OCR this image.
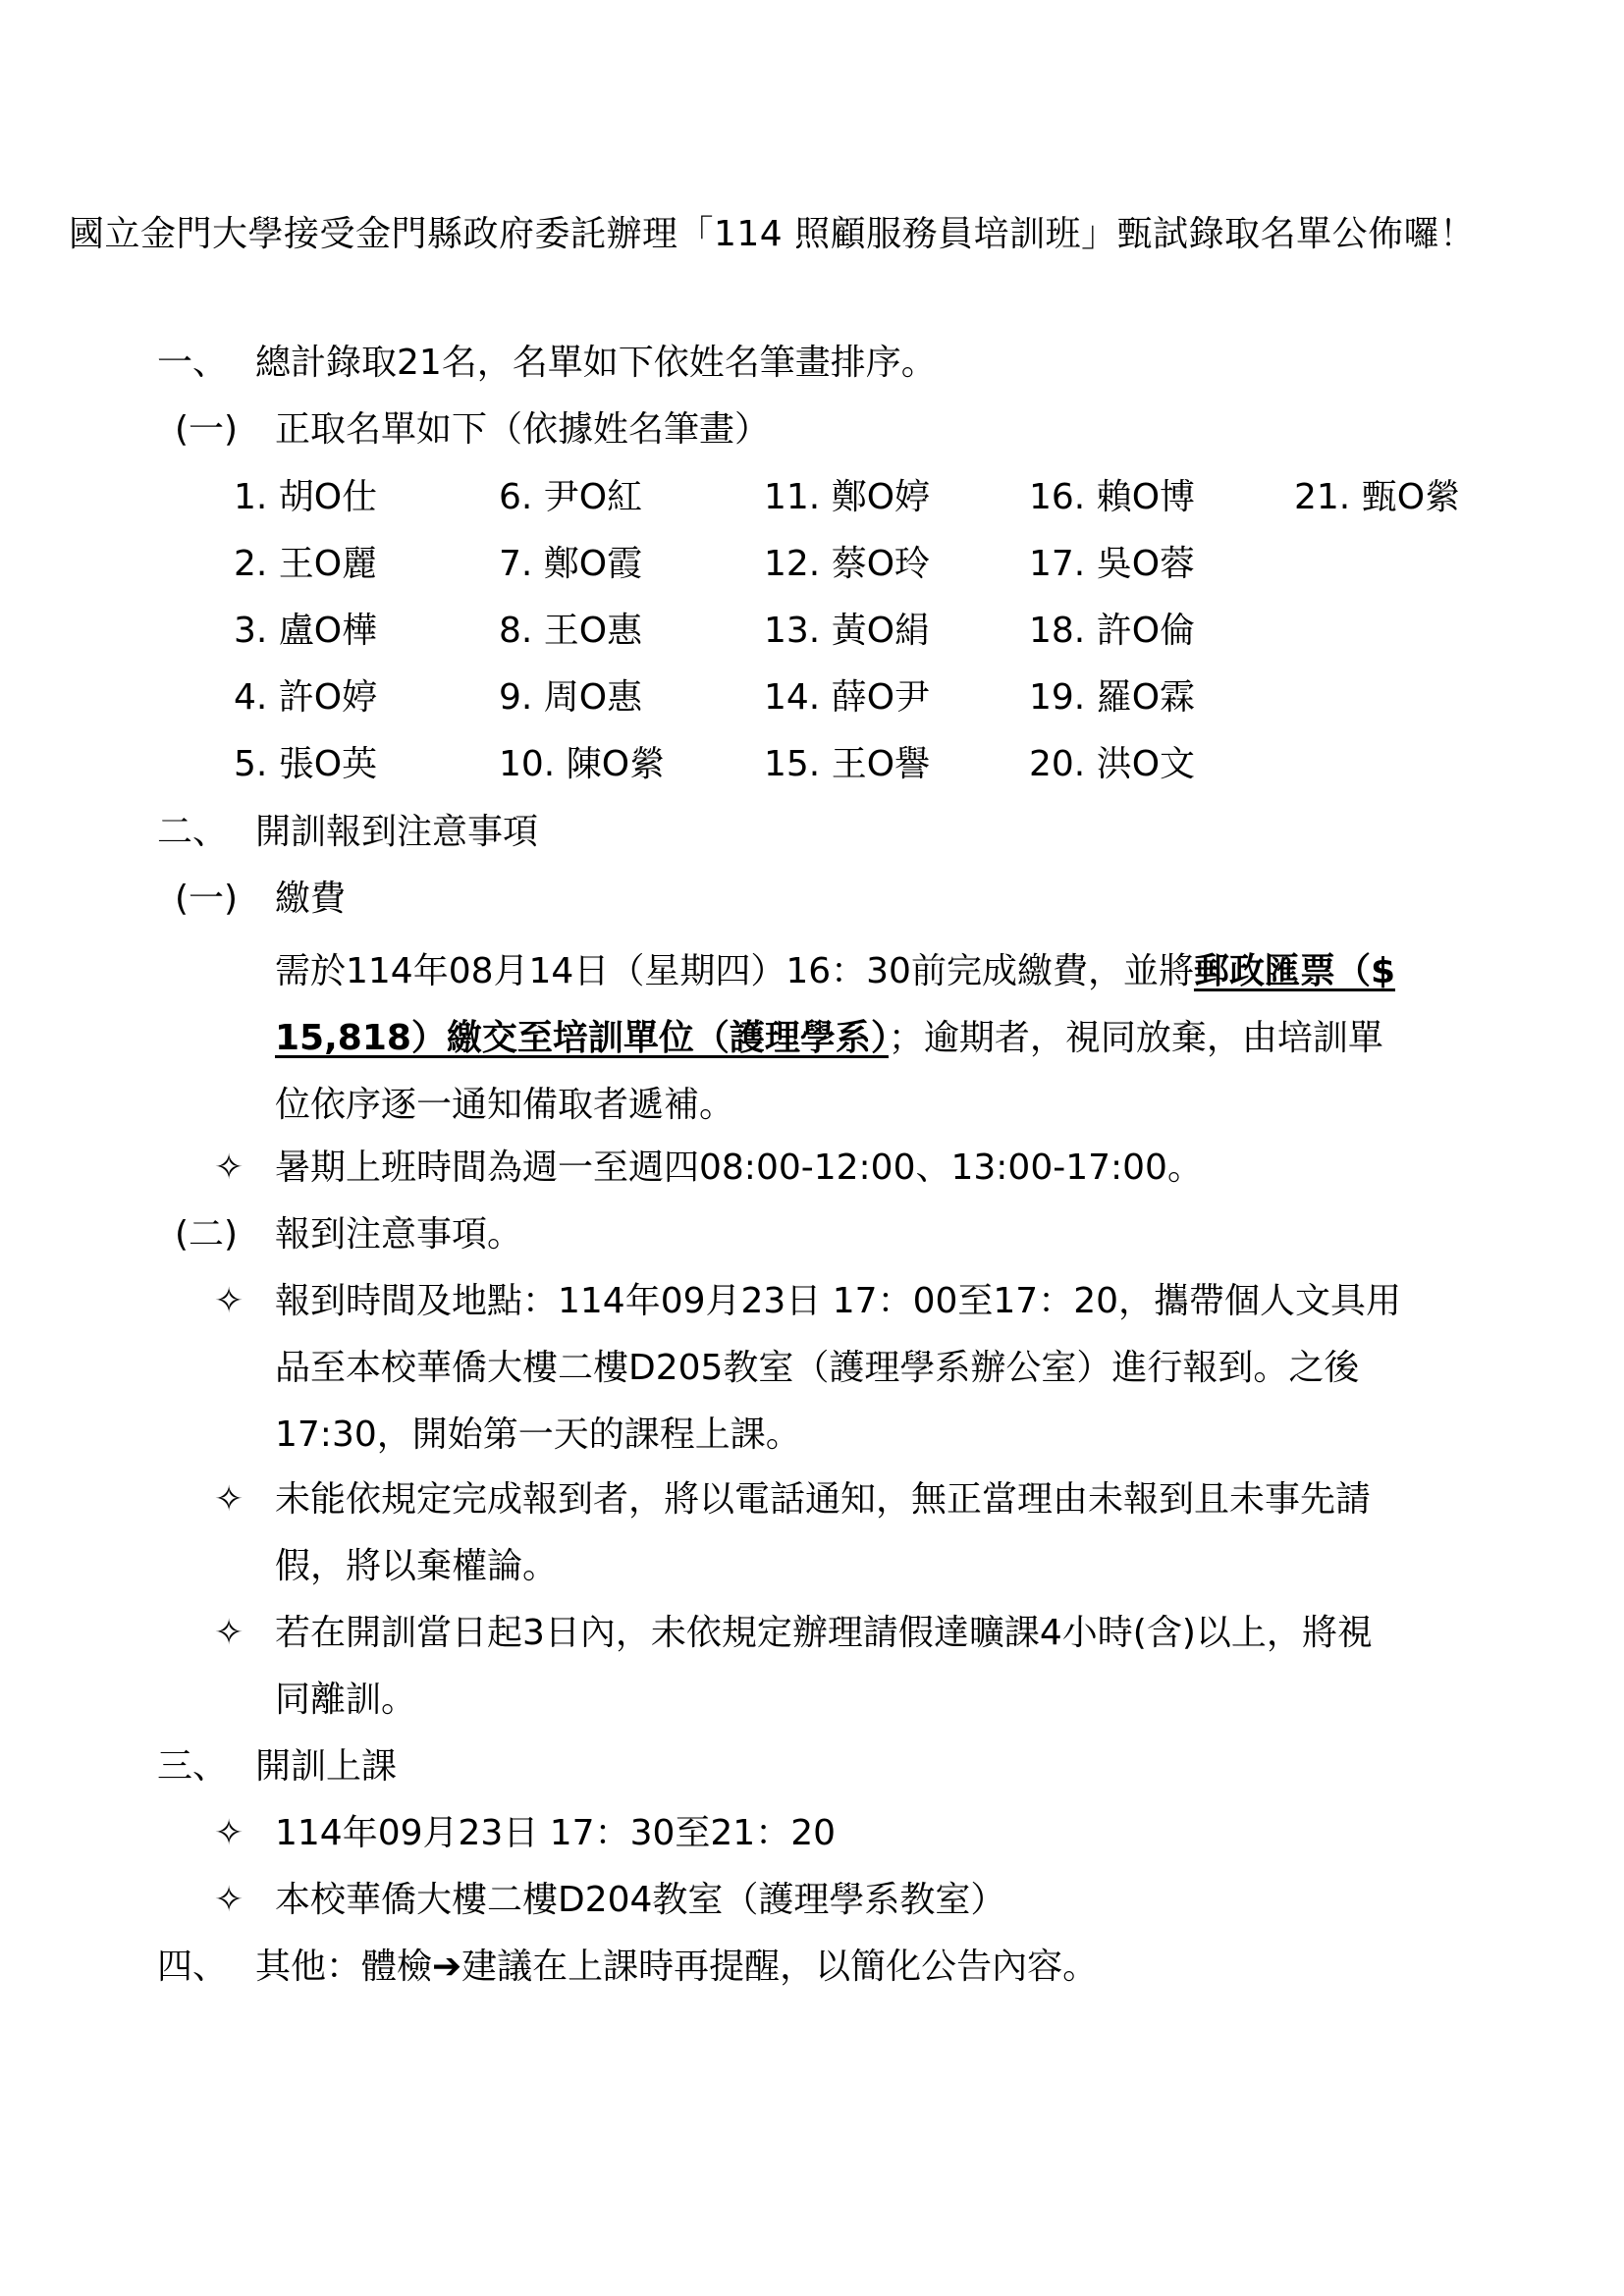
國立金門大學接受金門縣政府委託辦理「114 照顧服務員培訓班」甄試錄取名單公佈囉！
一、 總計錄取21名，名單如下依姓名筆畫排序。
(一) 正取名單如下（依據姓名筆畫）
1. 胡O仕
2. 王O麗
3. 盧O樺
4. 許O婷
5. 張O英
6. 尹O紅
7. 鄭O霞
8. 王O惠
9. 周O惠
10. 陳O縈
11. 鄭O婷
12. 蔡O玲
13. 黃O絹
14. 薛O尹
15. 王O譽
16. 賴O博
17. 吳O蓉
18. 許O倫
19. 羅O霖
20. 洪O文
21. 甄O縈
二、 開訓報到注意事項
(一) 繳費
需於114年08月14日（星期四）16：30前完成繳費，並將郵政匯票（$
15,818）繳交至培訓單位（護理學系）；逾期者，視同放棄，由培訓單
位依序逐一通知備取者遞補。
✧ 暑期上班時間為週一至週四08:00-12:00、13:00-17:00。
(二) 報到注意事項。
✧ 報到時間及地點：114年09月23日 17：00至17：20，攜帶個人文具用
品至本校華僑大樓二樓D205教室（護理學系辦公室）進行報到。之後
17:30，開始第一天的課程上課。
✧ 未能依規定完成報到者，將以電話通知，無正當理由未報到且未事先請
假，將以棄權論。
✧ 若在開訓當日起3日內，未依規定辦理請假達曠課4小時(含)以上，將視
同離訓。
三、 開訓上課
✧ 114年09月23日 17：30至21：20
✧ 本校華僑大樓二樓D204教室（護理學系教室）
四、 其他：體檢➔建議在上課時再提醒，以簡化公告內容。
